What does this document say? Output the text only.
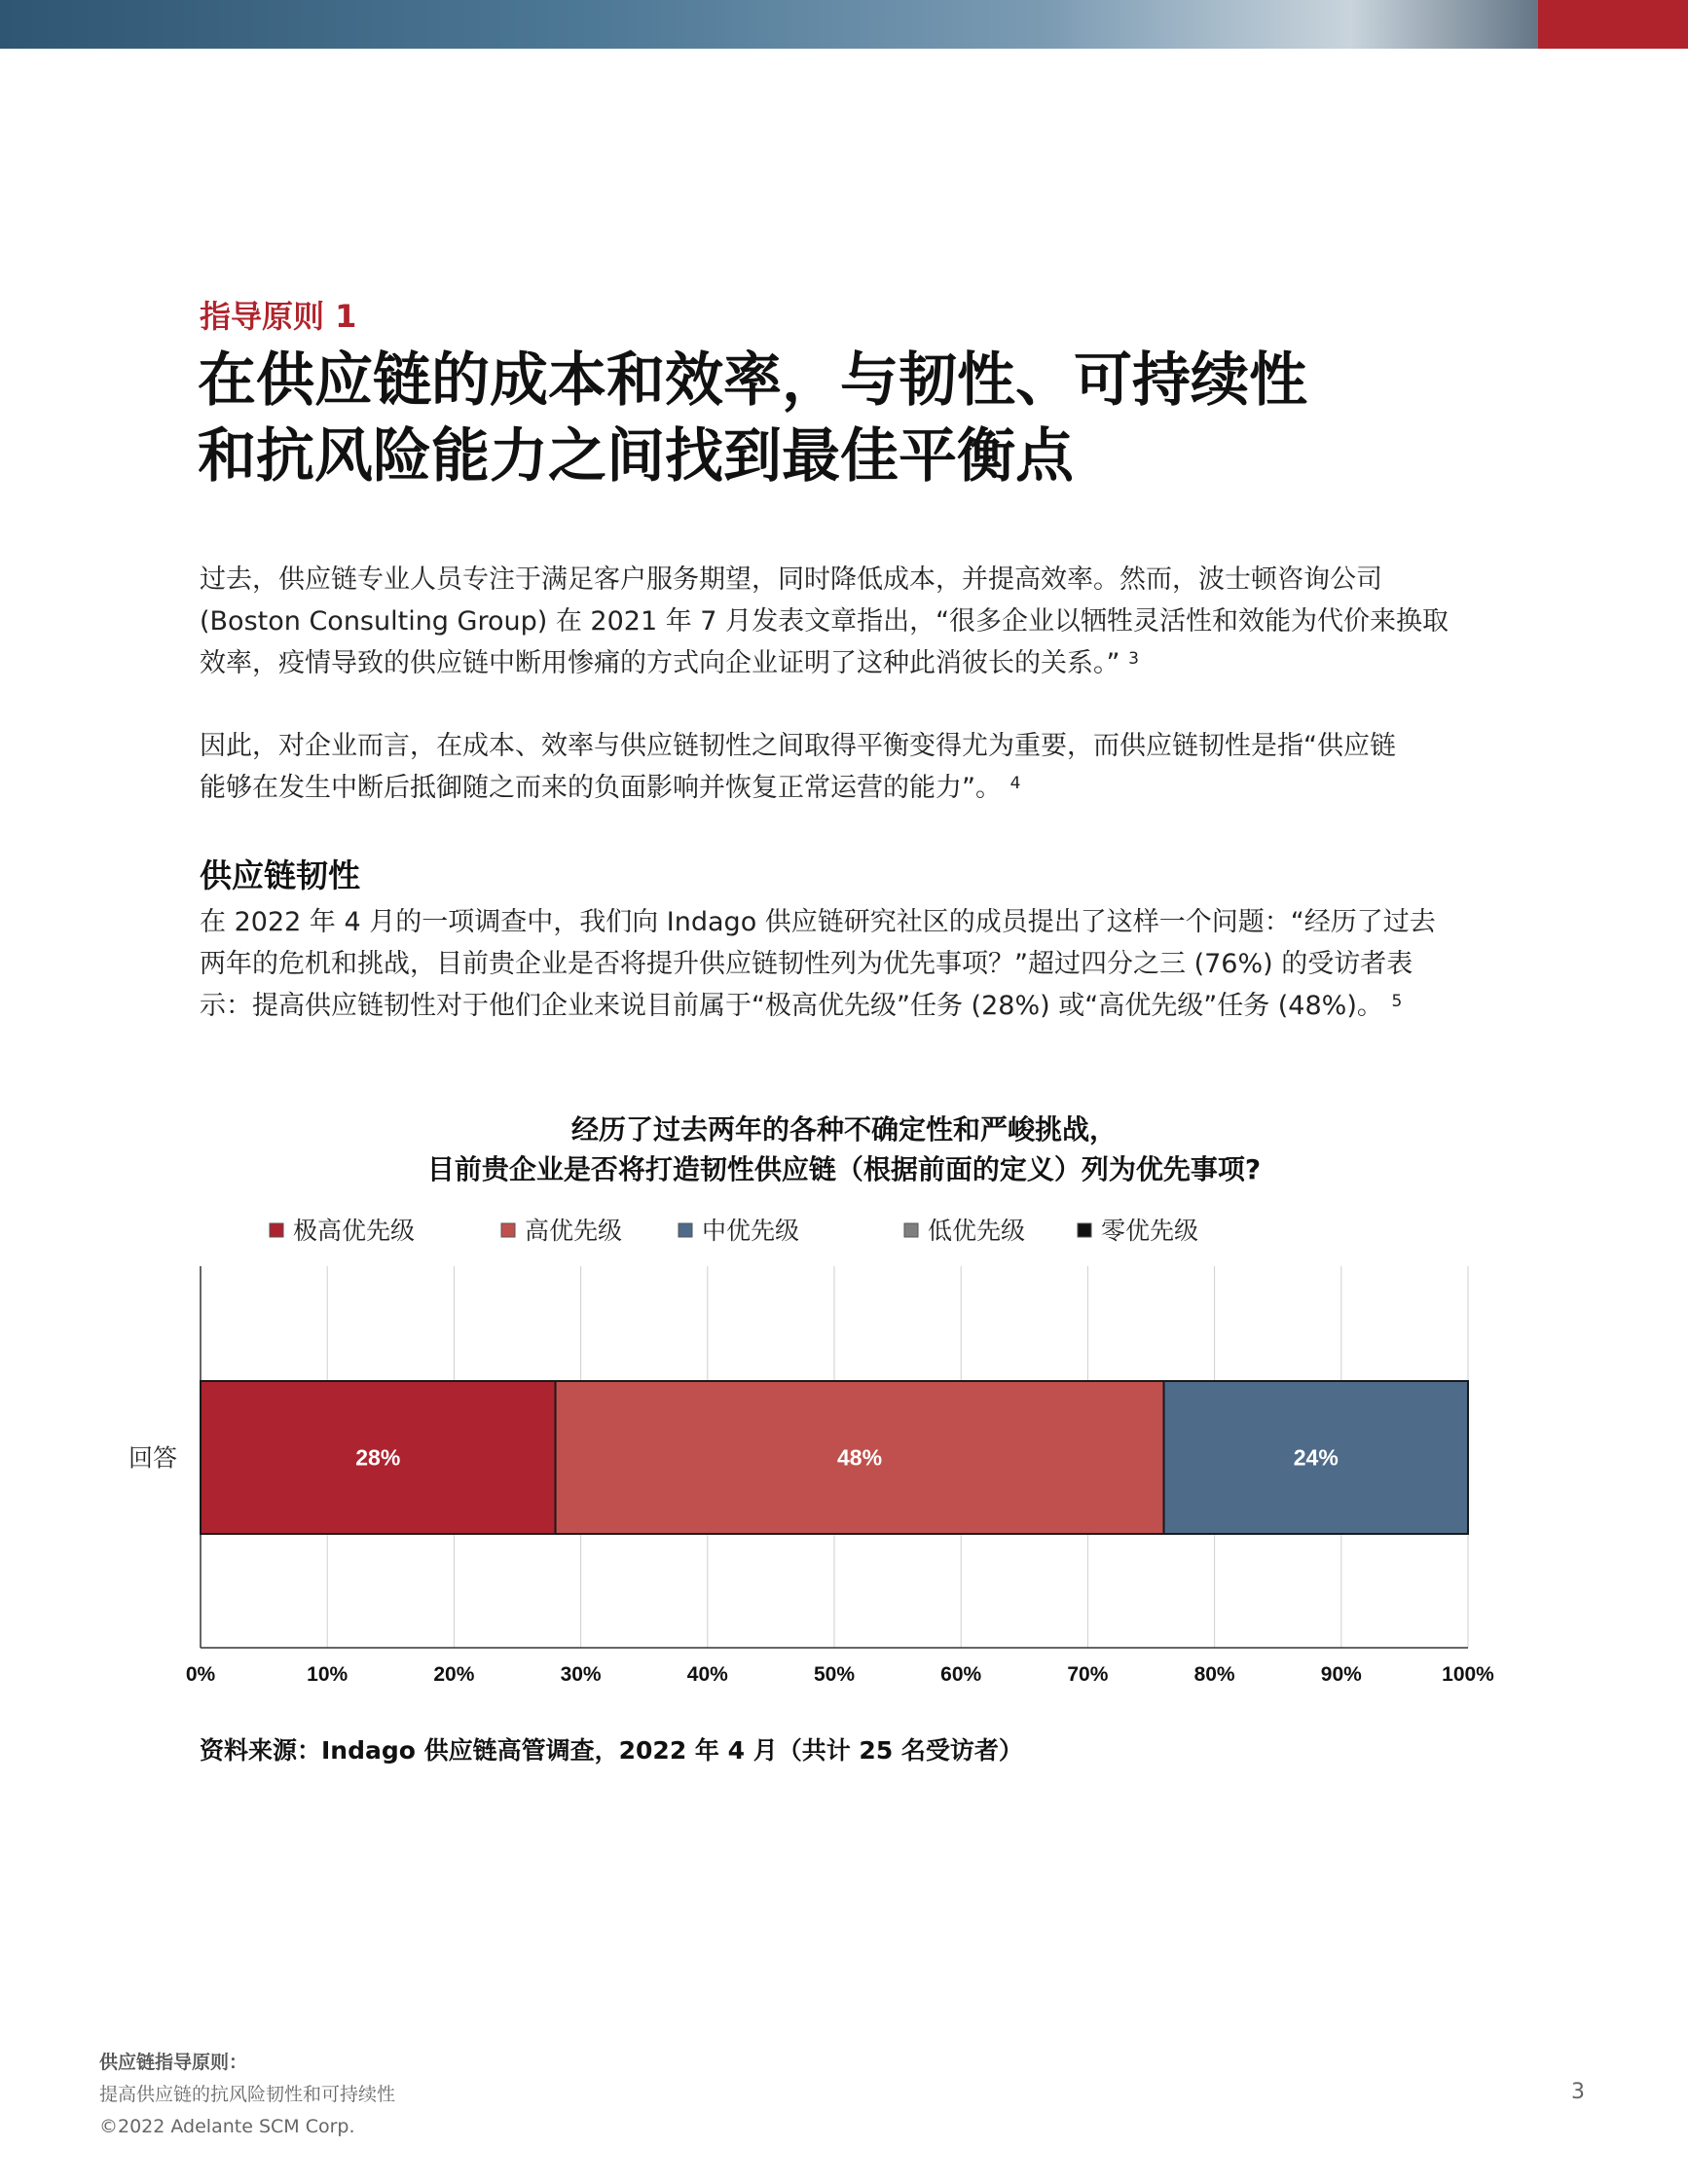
指导原则 1
在供应链的成本和效率，与韧性、可持续性
和抗风险能力之间找到最佳平衡点
过去，供应链专业人员专注于满足客户服务期望，同时降低成本，并提高效率。然而，波士顿咨询公司
(Boston Consulting Group) 在 2021 年 7 月发表文章指出，“很多企业以牺牲灵活性和效能为代价来换取
效率，疫情导致的供应链中断用惨痛的方式向企业证明了这种此消彼长的关系。” $^3$
因此，对企业而言，在成本、效率与供应链韧性之间取得平衡变得尤为重要，而供应链韧性是指“供应链
能够在发生中断后抵御随之而来的负面影响并恢复正常运营的能力”。 $^4$
供应链韧性
在 2022 年 4 月的一项调查中，我们向 Indago 供应链研究社区的成员提出了这样一个问题：“经历了过去
两年的危机和挑战，目前贵企业是否将提升供应链韧性列为优先事项？”超过四分之三 (76%) 的受访者表
示：提高供应链韧性对于他们企业来说目前属于“极高优先级”任务 (28%) 或“高优先级”任务 (48%)。 $^5$
经历了过去两年的各种不确定性和严峻挑战，
目前贵企业是否将打造韧性供应链（根据前面的定义）列为优先事项?
极高优先级	高优先级	中优先级	低优先级	零优先级
0%	10%	20%	30%	40%	50%	60%	70%	80%	90%	100%
回答	28%	48%	24%
资料来源：Indago 供应链高管调查，2022 年 4 月（共计 25 名受访者）
供应链指导原则：
提高供应链的抗风险韧性和可持续性
©2022 Adelante SCM Corp.
3
